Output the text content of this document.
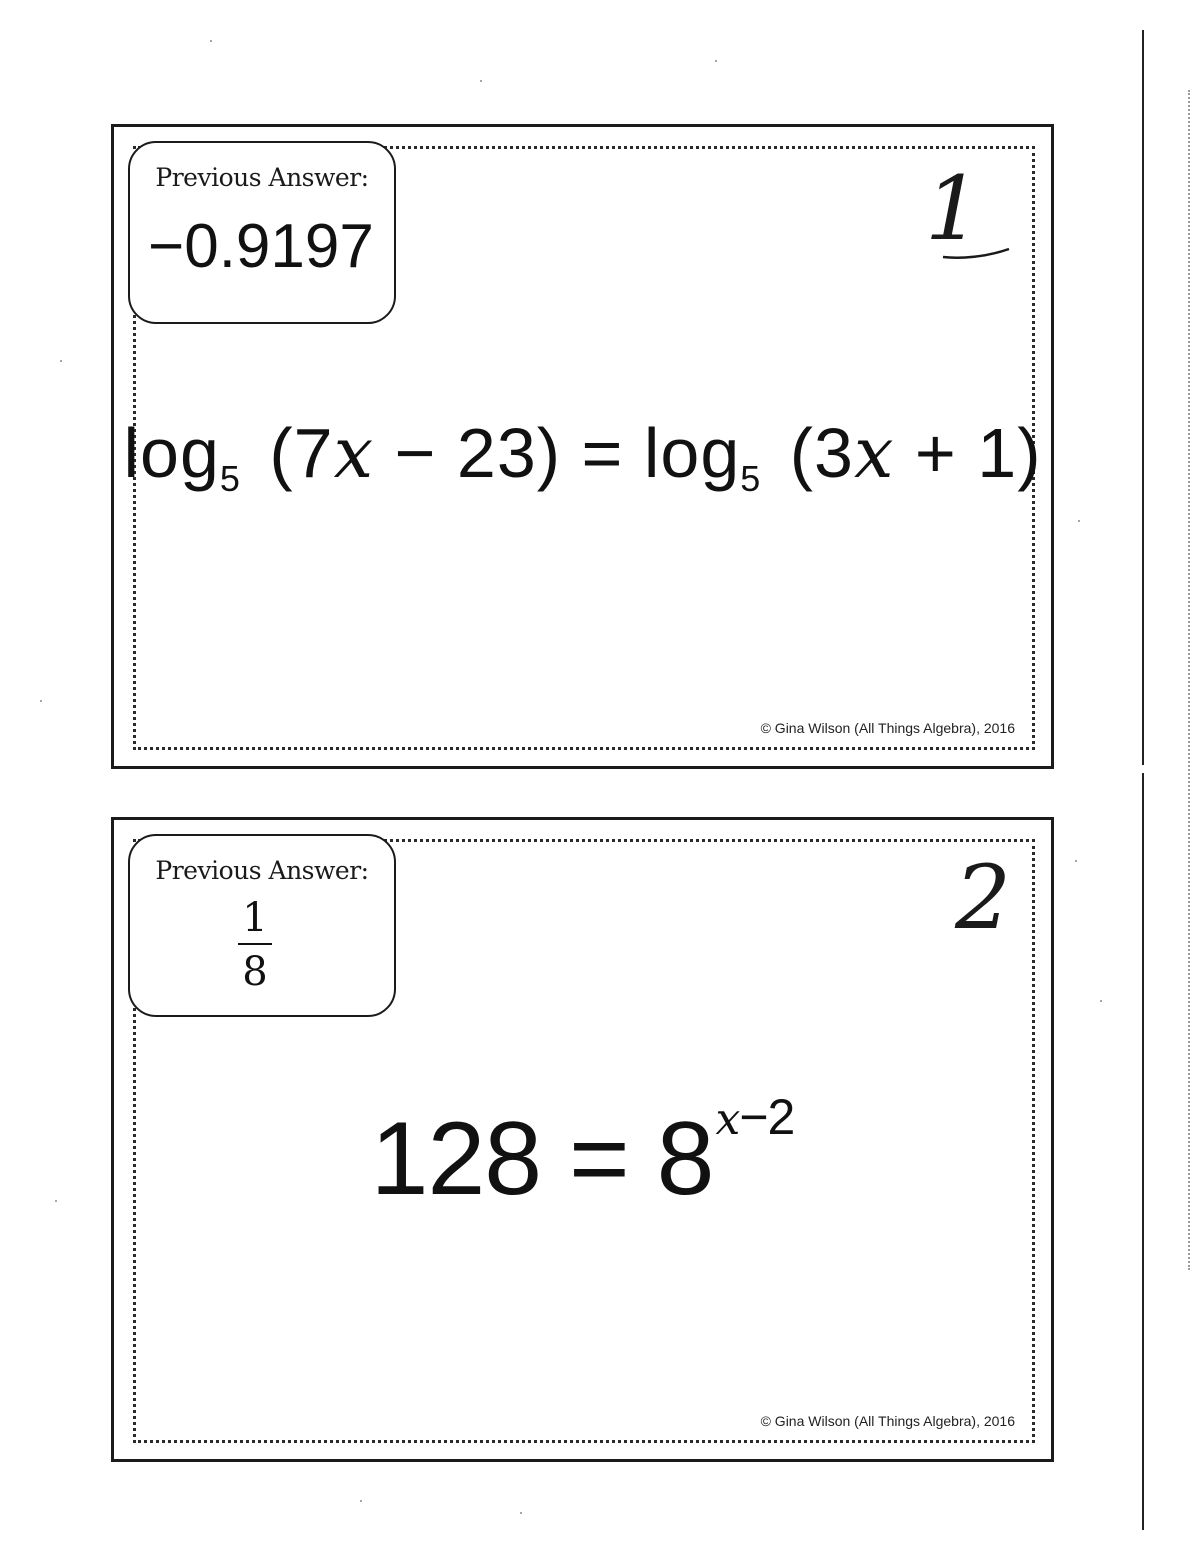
Previous Answer:
−0.9197	1
$\log_5 (7x - 23) = \log_5 (3x + 1)$
© Gina Wilson (All Things Algebra), 2016
Previous Answer:
1
8
2
$128 = 8^{x-2}$
© Gina Wilson (All Things Algebra), 2016
